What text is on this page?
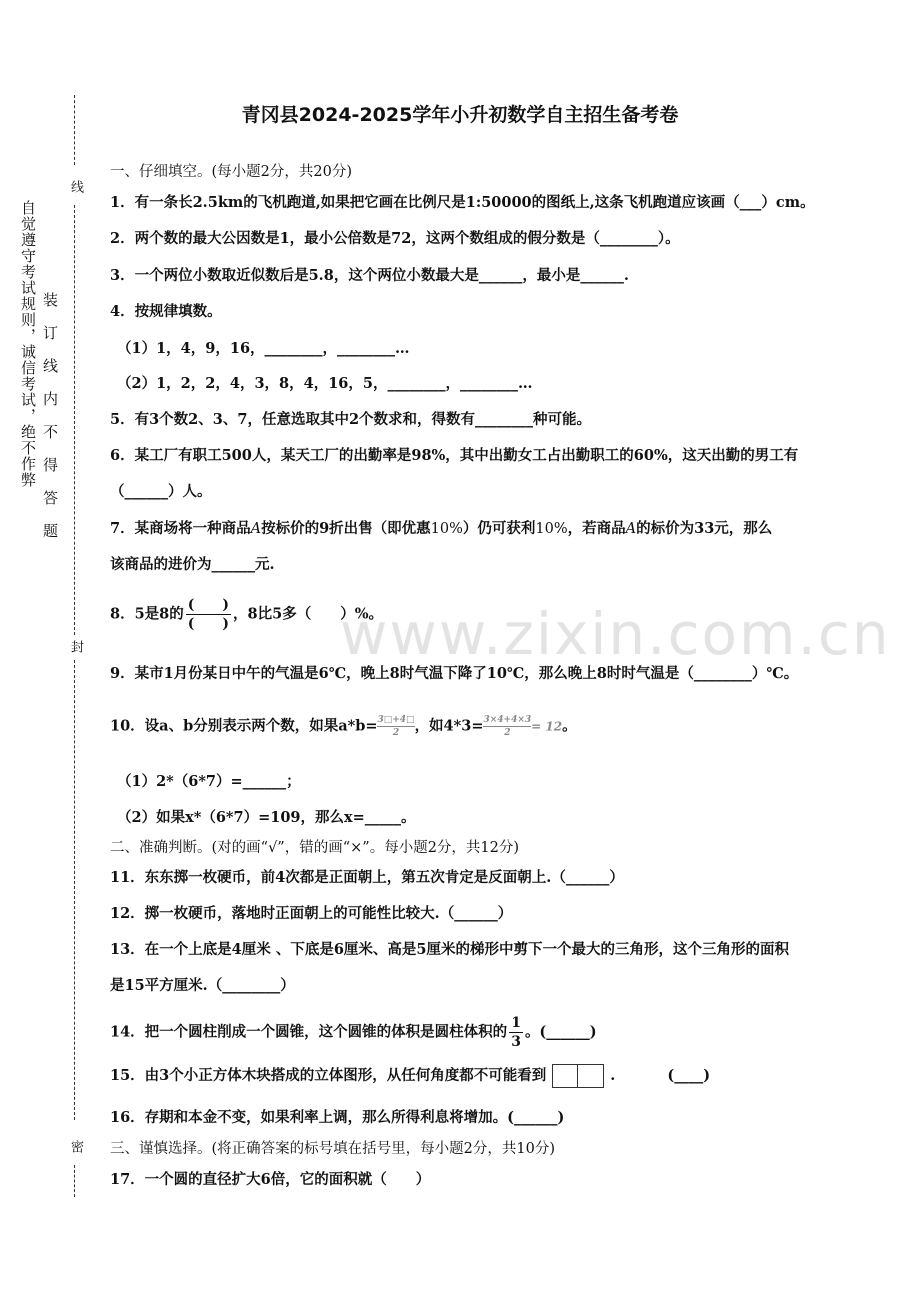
线
封
密
自觉遵守考试规则，诚信考试，绝不作弊 装订线内不得答题
www.zixin.com.cn
青冈县2024-2025学年小升初数学自主招生备考卷
一、仔细填空。(每小题2分，共20分)
1．有一条长2.5km的飞机跑道,如果把它画在比例尺是1:50000的图纸上,这条飞机跑道应该画（___）cm。
2．两个数的最大公因数是1，最小公倍数是72，这两个数组成的假分数是（________）。
3．一个两位小数取近似数后是5.8，这个两位小数最大是______，最小是______.
4．按规律填数。
（1）1，4，9，16，________，________…
（2）1，2，2，4，3，8，4，16，5，________，________…
5．有3个数2、3、7，任意选取其中2个数求和，得数有________种可能。
6．某工厂有职工500人，某天工厂的出勤率是98%，其中出勤女工占出勤职工的60%，这天出勤的男工有
（______）人。
7．某商场将一种商品A按标价的9折出售（即优惠10%）仍可获利10%，若商品A的标价为33元，那么
该商品的进价为______元.
8．5是8的 $\frac{( )}{( )}$ ，8比5多（　　）%。
9．某市1月份某日中午的气温是6℃，晚上8时气温下降了10℃，那么晚上8时时气温是（________）℃。
10．设a、b分别表示两个数，如果$a*b= \frac{3□+4□}{2}$ ，如$4*3= \frac{3\times 4+4\times 3}{2} = 12$。
（1）2*（6*7）=______；
（2）如果x*（6*7）=109，那么x=_____。
二、准确判断。(对的画“√”，错的画“×”。每小题2分，共12分)
11．东东掷一枚硬币，前4次都是正面朝上，第五次肯定是反面朝上.（______）
12．掷一枚硬币，落地时正面朝上的可能性比较大.（______）
13．在一个上底是4厘米 、下底是6厘米、高是5厘米的梯形中剪下一个最大的三角形，这个三角形的面积
是15平方厘米.（________）
14．把一个圆柱削成一个圆锥，这个圆锥的体积是圆柱体积的 $\frac{1}{3}$ 。(______)
15．由3个小正方体木块搭成的立体图形，从任何角度都不可能看到	.	(____)
16．存期和本金不变，如果利率上调，那么所得利息将增加。(______)
三、谨慎选择。(将正确答案的标号填在括号里，每小题2分，共10分)
17．一个圆的直径扩大6倍，它的面积就（　　）
